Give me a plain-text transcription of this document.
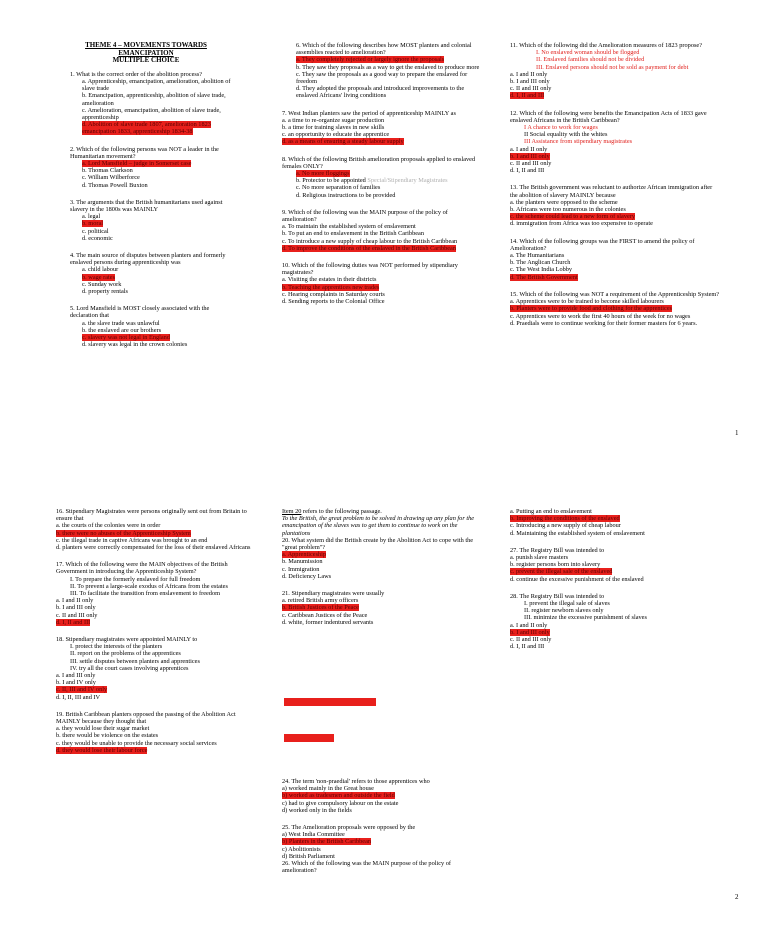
THEME 4 – MOVEMENTS TOWARDS
EMANCIPATION
MULTIPLE CHOICE
1. What is the correct order of the abolition process?
a. Apprenticeship, emancipation, amelioration, abolition of slave trade
b. Emancipation, apprenticeship, abolition of slave trade, amelioration
c. Amelioration, emancipation, abolition of slave trade, apprenticeship
d. Abolition of slave trade 1807, amelioration 1823 emancipation 1833, apprenticeship 1834-38
2. Which of the following persons was NOT a leader in the Humanitarian movement?
a. Lord Mansfield – judge in Somerset case
b. Thomas Clarkson
c. William Wilberforce
d. Thomas Powell Buxton
3. The arguments that the British humanitarians used against slavery in the 1800s was MAINLY
a. legal
b. moral
c. political
d. economic
4. The main source of disputes between planters and formerly enslaved persons during apprenticeship was
a. child labour
b. wage rates
c. Sunday work
d. property rentals
5. Lord Mansfield is MOST closely associated with the declaration that
a. the slave trade was unlawful
b. the enslaved are our brothers
c. slavery was not legal in England
d. slavery was legal in the crown colonies
6. Which of the following describes how MOST planters and colonial assemblies reacted to amelioration?
a. They completely rejected or largely ignore the proposals
b. They saw they proposals as a way to get the enslaved to produce more
c. They saw the proposals as a good way to prepare the enslaved for freedom
d. They adopted the proposals and introduced improvements to the enslaved Africans' living conditions
7. West Indian planters saw the period of apprenticeship MAINLY as
a. a time to re-organize sugar production
b. a time for training slaves in new skills
c. an opportunity to educate the apprentice
d. as a means of ensuring a steady labour supply
8. Which of the following British amelioration proposals applied to enslaved females ONLY?
a. No more floggings
b. Protector to be appointed Special/Stipendiary Magistrates
c. No more separation of families
d. Religious instructions to be provided
9. Which of the following was the MAIN purpose of the policy of amelioration?
a. To maintain the established system of enslavement
b. To put an end to enslavement in the British Caribbean
c. To introduce a new supply of cheap labour to the British Caribbean
d. To improve the conditions of the enslaved in the British Caribbean
10. Which of the following duties was NOT performed by stipendiary magistrates?
a. Visiting the estates in their districts
b. Teaching the apprentices new trades
c. Hearing complaints in Saturday courts
d. Sending reports to the Colonial Office
11. Which of the following did the Amelioration measures of 1823 propose?
I. No enslaved woman should be flogged
II. Enslaved families should not be divided
III. Enslaved persons should not be sold as payment for debt
a. I and II only
b. I and III only
c. II and III only
d. I, II and III
12. Which of the following were benefits the Emancipation Acts of 1833 gave enslaved Africans in the British Caribbean?
I A chance to work for wages
II Social equality with the whites
III Assistance from stipendiary magistrates
a. I and II only
b. I and III only
c. II and III only
d. I, II and III
13. The British government was reluctant to authorize African immigration after the abolition of slavery MAINLY because
a. the planters were opposed to the scheme
b. Africans were too numerous in the colonies
c. the scheme could lead to a new form of slavery
d. immigration from Africa was too expensive to operate
14. Which of the following groups was the FIRST to amend the policy of Amelioration?
a. The Humanitarians
b. The Anglican Church
c. The West India Lobby
d. The British Government
15. Which of the following was NOT a requirement of the Apprenticeship System?
a. Apprentices were to be trained to become skilled labourers
b. Planters were to provide food and clothing for the apprentices
c. Apprentices were to work the first 40 hours of the week for no wages
d. Praedials were to continue working for their former masters for 6 years.
1
16. Stipendiary Magistrates were persons originally sent out from Britain to ensure that
a. the courts of the colonies were in order
b. there were no abuses of the Apprenticeship System
c. the illegal trade in captive Africans was brought to an end
d. planters were correctly compensated for the loss of their enslaved Africans
17. Which of the following were the MAIN objectives of the British Government in introducing the Apprenticeship System?
I. To prepare the formerly enslaved for full freedom
II. To prevent a large-scale exodus of Africans from the estates
III. To facilitate the transition from enslavement to freedom
a. I and II only
b. I and III only
c. II and III only
d. I, II and III
18. Stipendiary magistrates were appointed MAINLY to
I. protect the interests of the planters
II. report on the problems of the apprentices
III. settle disputes between planters and apprentices
IV. try all the court cases involving apprentices
a. I and III only
b. I and IV only
c. II, III and IV only
d. I, II, III and IV
19. British Caribbean planters opposed the passing of the Abolition Act MAINLY because they thought that
a. they would lose their sugar market
b. there would be violence on the estates
c. they would be unable to provide the necessary social services
d. they would lose their labour force
Item 20 refers to the following passage.
To the British, the great problem to be solved in drawing up any plan for the emancipation of the slaves was to get them to continue to work on the plantations
20. What system did the British create by the Abolition Act to cope with the "great problem"?
a. Apprenticeship
b. Manumission
c. Immigration
d. Deficiency Laws
21. Stipendiary magistrates were usually
a. retired British army officers
b. British Justices of the Peace
c. Caribbean Justices of the Peace
d. white, former indentured servants
24. The term 'non-praedial' refers to those apprentices who
a) worked mainly in the Great house
b) worked as tradesmen and outside the field
c) had to give compulsory labour on the estate
d) worked only in the fields
25. The Amelioration proposals were opposed by the
a) West India Committee
b) Planters in the British Caribbean
c) Abolitionists
d) British Parliament
26. Which of the following was the MAIN purpose of the policy of amelioration?
a. Putting an end to enslavement
b. Improving the conditions of the enslaved
c. Introducing a new supply of cheap labour
d. Maintaining the established system of enslavement
27. The Registry Bill was intended to
a. punish slave masters
b. register persons born into slavery
c. prevent the illegal sale of the enslaved
d. continue the excessive punishment of the enslaved
28. The Registry Bill was intended to
I. prevent the illegal sale of slaves
II. register newborn slaves only
III. minimize the excessive punishment of slaves
a. I and II only
b. I and III only
c. II and III only
d. I, II and III
2
